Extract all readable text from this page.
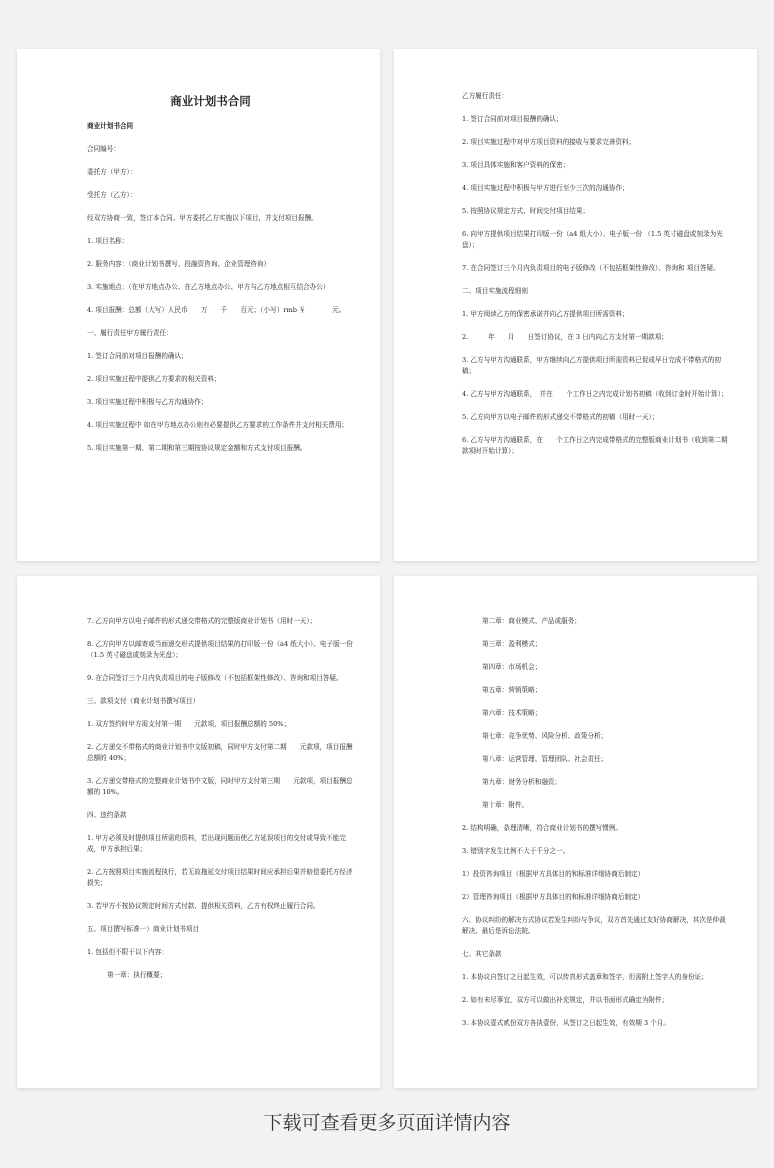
商业计划书合同
商业计划书合同
合同编号：
委托方（甲方）：
受托方（乙方）：
经双方协商一致，签订本合同。甲方委托乙方实施以下项目，并支付项目报酬。
1. 项目名称：
2. 服务内容：（商业计划书撰写、投融资咨询、企业管理咨询）
3. 实施地点：（在甲方地点办公、在乙方地点办公、甲方与乙方地点相互结合办公）
4. 项目报酬：总额（大写）人民币　　万　　千　　百元；（小写）rmb ￥　　　　元。
一、履行责任甲方履行责任：
1. 签订合同前对项目报酬的确认；
2. 项目实施过程中提供乙方要求的相关资料；
3. 项目实施过程中积极与乙方沟通协作；
4. 项目实施过程中 如在甲方地点办公则有必要提供乙方要求的工作条件并支付相关费用；
5. 项目实施第一期、第二期和第三期按协议规定金额和方式支付项目报酬。
乙方履行责任：
1. 签订合同前对项目报酬的确认；
2. 项目实施过程中对甲方项目资料的接收与要求完善资料；
3. 项目具体实施和客户资料的保密；
4. 项目实施过程中积极与甲方进行至少三次的沟通协作；
5. 按照协议规定方式、时间交付项目结果；
6. 向甲方提供项目结果打印版一份（a4 纸大小）、电子版一份 （1.5 英寸磁盘或刻录为光盘）；
7. 在合同签订三个月内负责项目的电子版修改（不包括框架性修改）、咨询和 项目答疑。
二、项目实施流程细则
1. 甲方阅读乙方的保密承诺并向乙方提供项目所需资料；
2.　　　年　　月　　日签订协议，在 3 日内向乙方支付第一期款项；
3. 乙方与甲方沟通联系，甲方继续向乙方提供项目所需资料已促成早日完成不带格式的初稿；
4. 乙方与甲方沟通联系，　并在　　个工作日之内完成计划书初稿（收到订金时开始计算）；
5. 乙方向甲方以电子邮件的形式递交不带格式的初稿（用时一天）；
6. 乙方与甲方沟通联系，在　　个工作日之内完成带格式的完整版商业计划书（收到第二期款项时开始计算）；
7. 乙方向甲方以电子邮件的形式递交带格式的完整版商业计划书（用时一天）；
8. 乙方向甲方以邮寄或当面递交形式提供项目结果的打印版一份（a4 纸大小）、电子版一份（1.5 英寸磁盘或刻录为光盘）；
9. 在合同签订三个月内负责项目的电子版修改（不包括框架性修改）、咨询和项目答疑。
三、款项支付（商业计划书撰写项目）
1. 双方签约时甲方需支付第一期　　元款项，项目报酬总额的 50%；
2. 乙方递交不带格式的商业计划书中文版初稿，同时甲方支付第二期　　元款项，项目报酬总额的 40%；
3. 乙方递交带格式的完整商业计划书中文版，同时甲方支付第三期　　元款项，项目报酬总额的 10%。
四、违约条款
1. 甲方必须及时提供项目所需的资料，若出现问题而使乙方延误项目的交付或导致不能完成，甲方承担后果；
2. 乙方按照项目实施流程执行，若无故拖延交付项目结果时间应承担后果并赔偿委托方经济损失；
3. 若甲方不按协议规定时间方式付款、提供相关资料，乙方有权终止履行合同。
五、项目撰写标准一）商业计划书项目
1. 包括但不限于以下内容：
第一章：执行概要；
第二章：商业模式、产品或服务；
第三章：盈利模式；
第四章：市场机会；
第五章：营销策略；
第六章：技术策略；
第七章：竞争优势、风险分析、政策分析；
第八章：运营管理、管理团队、社会责任；
第九章：财务分析和融资；
第十章：附件。
2. 结构明确，条理清晰，符合商业计划书的撰写惯例。
3. 错别字发生比例不大于千分之一。
1）投资咨询项目（根据甲方具体目的和标准详细协商后制定）
2）管理咨询项目（根据甲方具体目的和标准详细协商后制定）
六、协议纠纷的解决方式协议若发生纠纷与争议，双方首先通过友好协商解决，其次是仲裁解决、最后是诉讼法院。
七、其它条款
1. 本协议自签订之日起生效，可以传真形式盖章和签字，但需附上签字人的身份证；
2. 如有未尽事宜，双方可以做出补充规定，并以书面形式确定为附件；
3. 本协议壹式贰份双方各执壹份，从签订之日起生效，有效期 3 个月。
下载可查看更多页面详情内容
